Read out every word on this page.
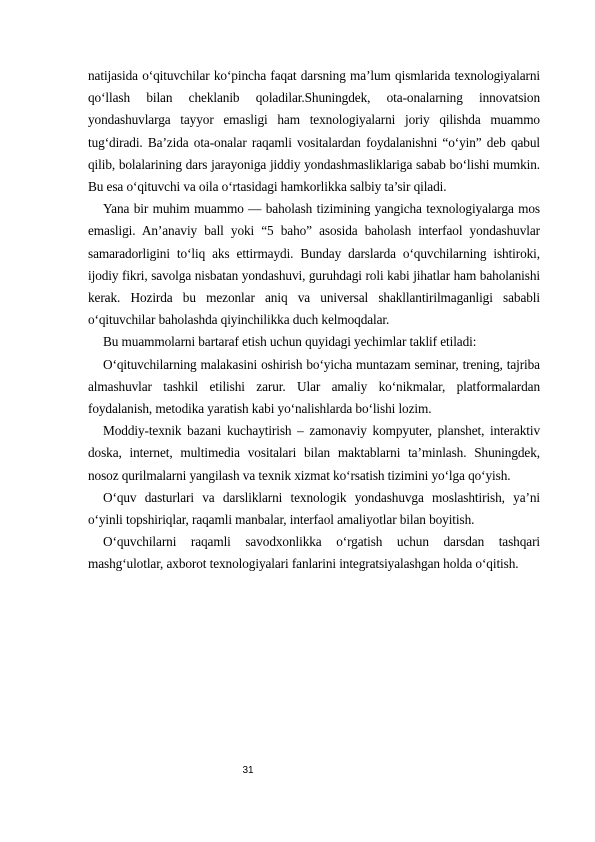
natijasida o‘qituvchilar ko‘pincha faqat darsning ma’lum qismlarida texnologiyalarni qo‘llash bilan cheklanib qoladilar.Shuningdek, ota-onalarning innovatsion yondashuvlarga tayyor emasligi ham texnologiyalarni joriy qilishda muammo tug‘diradi. Ba’zida ota-onalar raqamli vositalardan foydalanishni “o‘yin” deb qabul qilib, bolalarining dars jarayoniga jiddiy yondashmasliklariga sabab bo‘lishi mumkin. Bu esa o‘qituvchi va oila o‘rtasidagi hamkorlikka salbiy ta’sir qiladi.

Yana bir muhim muammo — baholash tizimining yangicha texnologiyalarga mos emasligi. An’anaviy ball yoki “5 baho” asosida baholash interfaol yondashuvlar samaradorligini to‘liq aks ettirmaydi. Bunday darslarda o‘quvchilarning ishtiroki, ijodiy fikri, savolga nisbatan yondashuvi, guruhdagi roli kabi jihatlar ham baholanishi kerak. Hozirda bu mezonlar aniq va universal shakllantirilmaganligi sababli o‘qituvchilar baholashda qiyinchilikka duch kelmoqdalar.

Bu muammolarni bartaraf etish uchun quyidagi yechimlar taklif etiladi:

O‘qituvchilarning malakasini oshirish bo‘yicha muntazam seminar, trening, tajriba almashuvlar tashkil etilishi zarur. Ular amaliy ko‘nikmalar, platformalardan foydalanish, metodika yaratish kabi yo‘nalishlarda bo‘lishi lozim.

Moddiy-texnik bazani kuchaytirish – zamonaviy kompyuter, planshet, interaktiv doska, internet, multimedia vositalari bilan maktablarni ta’minlash. Shuningdek, nosoz qurilmalarni yangilash va texnik xizmat ko‘rsatish tizimini yo‘lga qo‘yish.

O‘quv dasturlari va darsliklarni texnologik yondashuvga moslashtirish, ya’ni o‘yinli topshiriqlar, raqamli manbalar, interfaol amaliyotlar bilan boyitish.

O‘quvchilarni raqamli savodxonlikka o‘rgatish uchun darsdan tashqari mashg‘ulotlar, axborot texnologiyalari fanlarini integratsiyalashgan holda o‘qitish.

31
